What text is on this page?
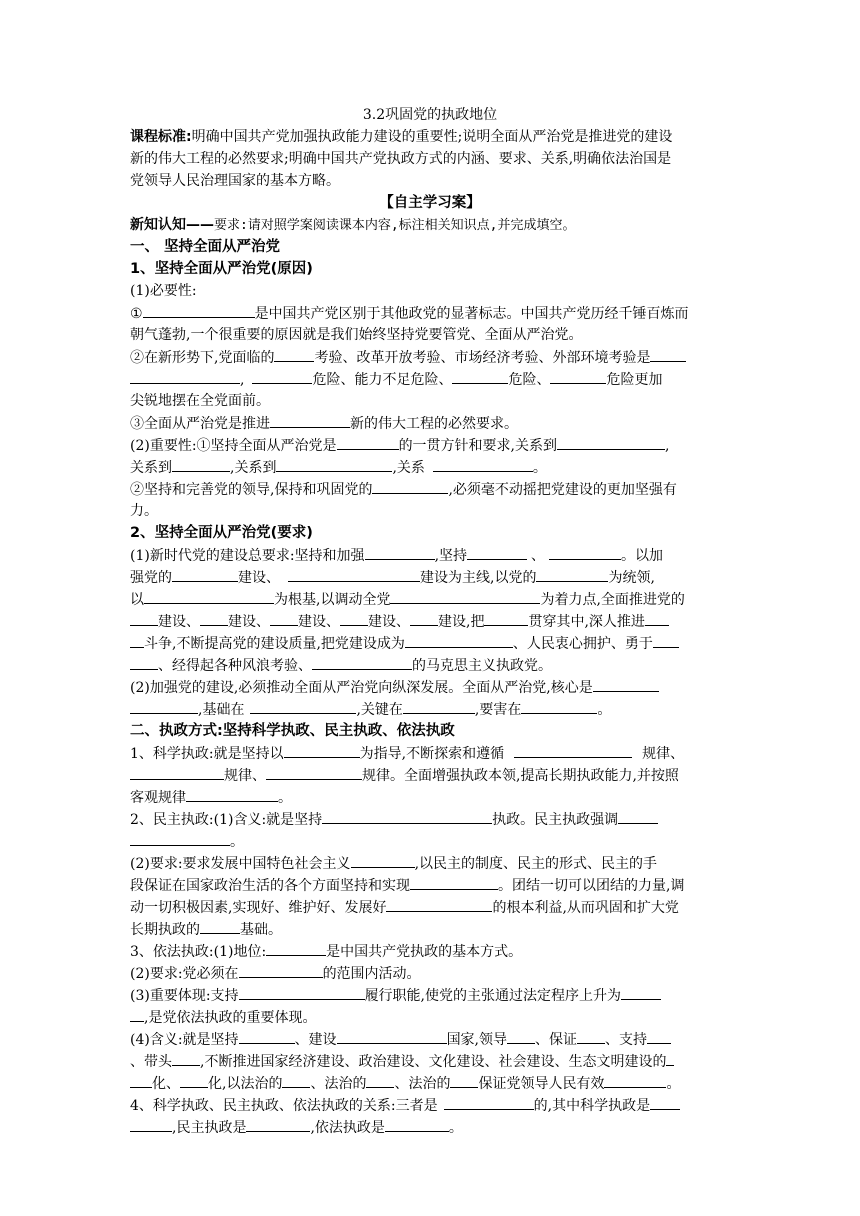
3.2巩固党的执政地位
课程标准:明确中国共产党加强执政能力建设的重要性;说明全面从严治党是推进党的建设
新的伟大工程的必然要求;明确中国共产党执政方式的内涵、要求、关系,明确依法治国是
党领导人民治理国家的基本方略。
【自主学习案】
新知认知——要求:请对照学案阅读课本内容,标注相关知识点,并完成填空。
一、 坚持全面从严治党
1、坚持全面从严治党(原因)
(1)必要性:
①	是中国共产党区别于其他政党的显著标志。中国共产党历经千锤百炼而
朝气蓬勃,一个很重要的原因就是我们始终坚持党要管党、全面从严治党。
②在新形势下,党面临的	考验、改革开放考验、市场经济考验、外部环境考验是
,	危险、能力不足危险、	危险、	危险更加
尖锐地摆在全党面前。
③全面从严治党是推进	新的伟大工程的必然要求。
(2)重要性:①坚持全面从严治党是	的一贯方针和要求,关系到	,
关系到	,关系到	,关系	。
②坚持和完善党的领导,保持和巩固党的	,必须毫不动摇把党建设的更加坚强有
力。
2、坚持全面从严治党(要求)
(1)新时代党的建设总要求:坚持和加强	,坚持	、	。以加
强党的	建设、	建设为主线,以党的	为统领,
以	为根基,以调动全党	为着力点,全面推进党的
建设、 建设、 建设、 建设、 建设,把	贯穿其中,深人推进
斗争,不断提高党的建设质量,把党建设成为	、人民衷心拥护、勇于
、经得起各种风浪考验、	的马克思主义执政党。
(2)加强党的建设,必须推动全面从严治党向纵深发展。全面从严治党,核心是
,基础在	,关键在	,要害在	。
二、执政方式:坚持科学执政、民主执政、依法执政
1、科学执政:就是坚持以	为指导,不断探索和遵循	规律、
规律、	规律。全面增强执政本领,提高长期执政能力,并按照
客观规律	。
2、民主执政:(1)含义:就是坚持	执政。民主执政强调
。
(2)要求:要求发展中国特色社会主义	,以民主的制度、民主的形式、民主的手
段保证在国家政治生活的各个方面坚持和实现	。团结一切可以团结的力量,调
动一切积极因素,实现好、维护好、发展好	的根本利益,从而巩固和扩大党
长期执政的	基础。
3、依法执政:(1)地位:	是中国共产党执政的基本方式。
(2)要求:党必须在	的范围内活动。
(3)重要体现:支持	履行职能,使党的主张通过法定程序上升为
,是党依法执政的重要体现。
(4)含义:就是坚持	、建设	国家,领导 、保证 、支持
、带头 ,不断推进国家经济建设、政治建设、文化建设、社会建设、生态文明建设的
化、 化,以法治的 、法治的 、法治的 保证党领导人民有效	。
4、科学执政、民主执政、依法执政的关系:三者是	的,其中科学执政是
,民主执政是	,依法执政是	。
